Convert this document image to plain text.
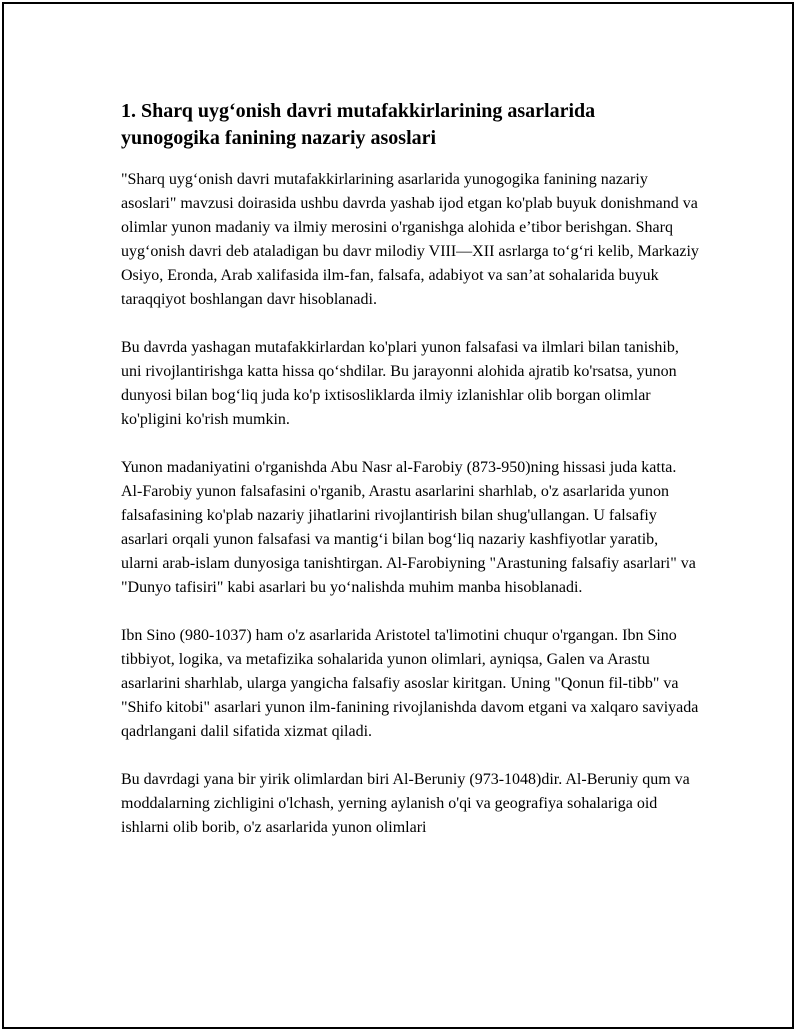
1. Sharq uyg‘onish davri mutafakkirlarining asarlarida yunogogika fanining nazariy asoslari

"Sharq uyg‘onish davri mutafakkirlarining asarlarida yunogogika fanining nazariy asoslari" mavzusi doirasida ushbu davrda yashab ijod etgan ko'plab buyuk donishmand va olimlar yunon madaniy va ilmiy merosini o'rganishga alohida e’tibor berishgan. Sharq uyg‘onish davri deb ataladigan bu davr milodiy VIII—XII asrlarga to‘g‘ri kelib, Markaziy Osiyo, Eronda, Arab xalifasida ilm-fan, falsafa, adabiyot va san’at sohalarida buyuk taraqqiyot boshlangan davr hisoblanadi.

Bu davrda yashagan mutafakkirlardan ko'plari yunon falsafasi va ilmlari bilan tanishib, uni rivojlantirishga katta hissa qo‘shdilar. Bu jarayonni alohida ajratib ko'rsatsa, yunon dunyosi bilan bog‘liq juda ko'p ixtisosliklarda ilmiy izlanishlar olib borgan olimlar ko'pligini ko'rish mumkin.

Yunon madaniyatini o'rganishda Abu Nasr al-Farobiy (873-950)ning hissasi juda katta. Al-Farobiy yunon falsafasini o'rganib, Arastu asarlarini sharhlab, o'z asarlarida yunon falsafasining ko'plab nazariy jihatlarini rivojlantirish bilan shug'ullangan. U falsafiy asarlari orqali yunon falsafasi va mantig‘i bilan bog‘liq nazariy kashfiyotlar yaratib, ularni arab-islam dunyosiga tanishtirgan. Al-Farobiyning "Arastuning falsafiy asarlari" va "Dunyo tafisiri" kabi asarlari bu yo‘nalishda muhim manba hisoblanadi.

Ibn Sino (980-1037) ham o'z asarlarida Aristotel ta'limotini chuqur o'rgangan. Ibn Sino tibbiyot, logika, va metafizika sohalarida yunon olimlari, ayniqsa, Galen va Arastu asarlarini sharhlab, ularga yangicha falsafiy asoslar kiritgan. Uning "Qonun fil-tibb" va "Shifo kitobi" asarlari yunon ilm-fanining rivojlanishda davom etgani va xalqaro saviyada qadrlangani dalil sifatida xizmat qiladi.

Bu davrdagi yana bir yirik olimlardan biri Al-Beruniy (973-1048)dir. Al-Beruniy qum va moddalarning zichligini o'lchash, yerning aylanish o'qi va geografiya sohalariga oid ishlarni olib borib, o'z asarlarida yunon olimlari
